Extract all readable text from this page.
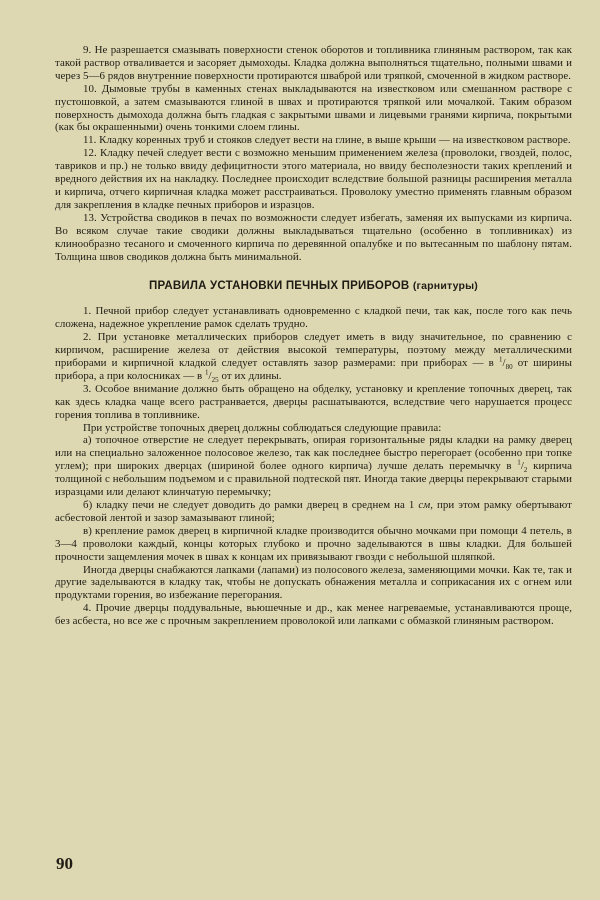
9. Не разрешается смазывать поверхности стенок оборотов и топливника глиняным раствором, так как такой раствор отваливается и засоряет дымоходы. Кладка должна выполняться тщательно, полными швами и через 5—6 рядов внутренние поверхности протираются шваброй или тряпкой, смоченной в жидком растворе.

10. Дымовые трубы в каменных стенах выкладываются на известковом или смешанном растворе с пустошовкой, а затем смазываются глиной в швах и протираются тряпкой или мочалкой. Таким образом поверхность дымохода должна быть гладкая с закрытыми швами и лицевыми гранями кирпича, покрытыми (как бы окрашенными) очень тонкими слоем глины.

11. Кладку коренных труб и стояков следует вести на глине, в выше крыши — на известковом растворе.

12. Кладку печей следует вести с возможно меньшим применением железа (проволоки, гвоздей, полос, тавриков и пр.) не только ввиду дефицитности этого материала, но ввиду бесполезности таких креплений и вредного действия их на накладку. Последнее происходит вследствие большой разницы расширения металла и кирпича, отчего кирпичная кладка может расстраиваться. Проволоку уместно применять главным образом для закрепления в кладке печных приборов и изразцов.

13. Устройства сводиков в печах по возможности следует избегать, заменяя их выпусками из кирпича. Во всяком случае такие сводики должны выкладываться тщательно (особенно в топливниках) из клинообразно тесаного и смоченного кирпича по деревянной опалубке и по вытесанным по шаблону пятам. Толщина швов сводиков должна быть минимальной.

ПРАВИЛА УСТАНОВКИ ПЕЧНЫХ ПРИБОРОВ (гарнитуры)

1. Печной прибор следует устанавливать одновременно с кладкой печи, так как, после того как печь сложена, надежное укрепление рамок сделать трудно.

2. При установке металлических приборов следует иметь в виду значительное, по сравнению с кирпичом, расширение железа от действия высокой температуры, поэтому между металлическими приборами и кирпичной кладкой следует оставлять зазор размерами: при приборах — в $^1/_{80}$ от ширины прибора, а при колосниках — в $^1/_{25}$ от их длины.

3. Особое внимание должно быть обращено на обделку, установку и крепление топочных дверец, так как здесь кладка чаще всего растранвается, дверцы расшатываются, вследствие чего нарушается процесс горения топлива в топливнике.

При устройстве топочных дверец должны соблюдаться следующие правила:

а) топочное отверстие не следует перекрывать, опирая горизонтальные ряды кладки на рамку дверец или на специально заложенное полосовое железо, так как последнее быстро перегорает (особенно при топке углем); при широких дверцах (шириной более одного кирпича) лучше делать перемычку в $^1/_2$ кирпича толщиной с небольшим подъемом и с правильной подтеской пят. Иногда такие дверцы перекрывают старыми изразцами или делают клинчатую перемычку;

б) кладку печи не следует доводить до рамки дверец в среднем на 1 см, при этом рамку обертывают асбестовой лентой и зазор замазывают глиной;

в) крепление рамок дверец в кирпичной кладке производится обычно мочками при помощи 4 петель, в 3—4 проволоки каждый, концы которых глубоко и прочно заделываются в швы кладки. Для большей прочности защемления мочек в швах к концам их привязывают гвозди с небольшой шляпкой.

Иногда дверцы снабжаются лапками (лапами) из полосового железа, заменяющими мочки. Как те, так и другие заделываются в кладку так, чтобы не допускать обнажения металла и соприкасания их с огнем или продуктами горения, во избежание перегорания.

4. Прочие дверцы поддувальные, вьюшечные и др., как менее нагреваемые, устанавливаются проще, без асбеста, но все же с прочным закреплением проволокой или лапками с обмазкой глиняным раствором.

90
